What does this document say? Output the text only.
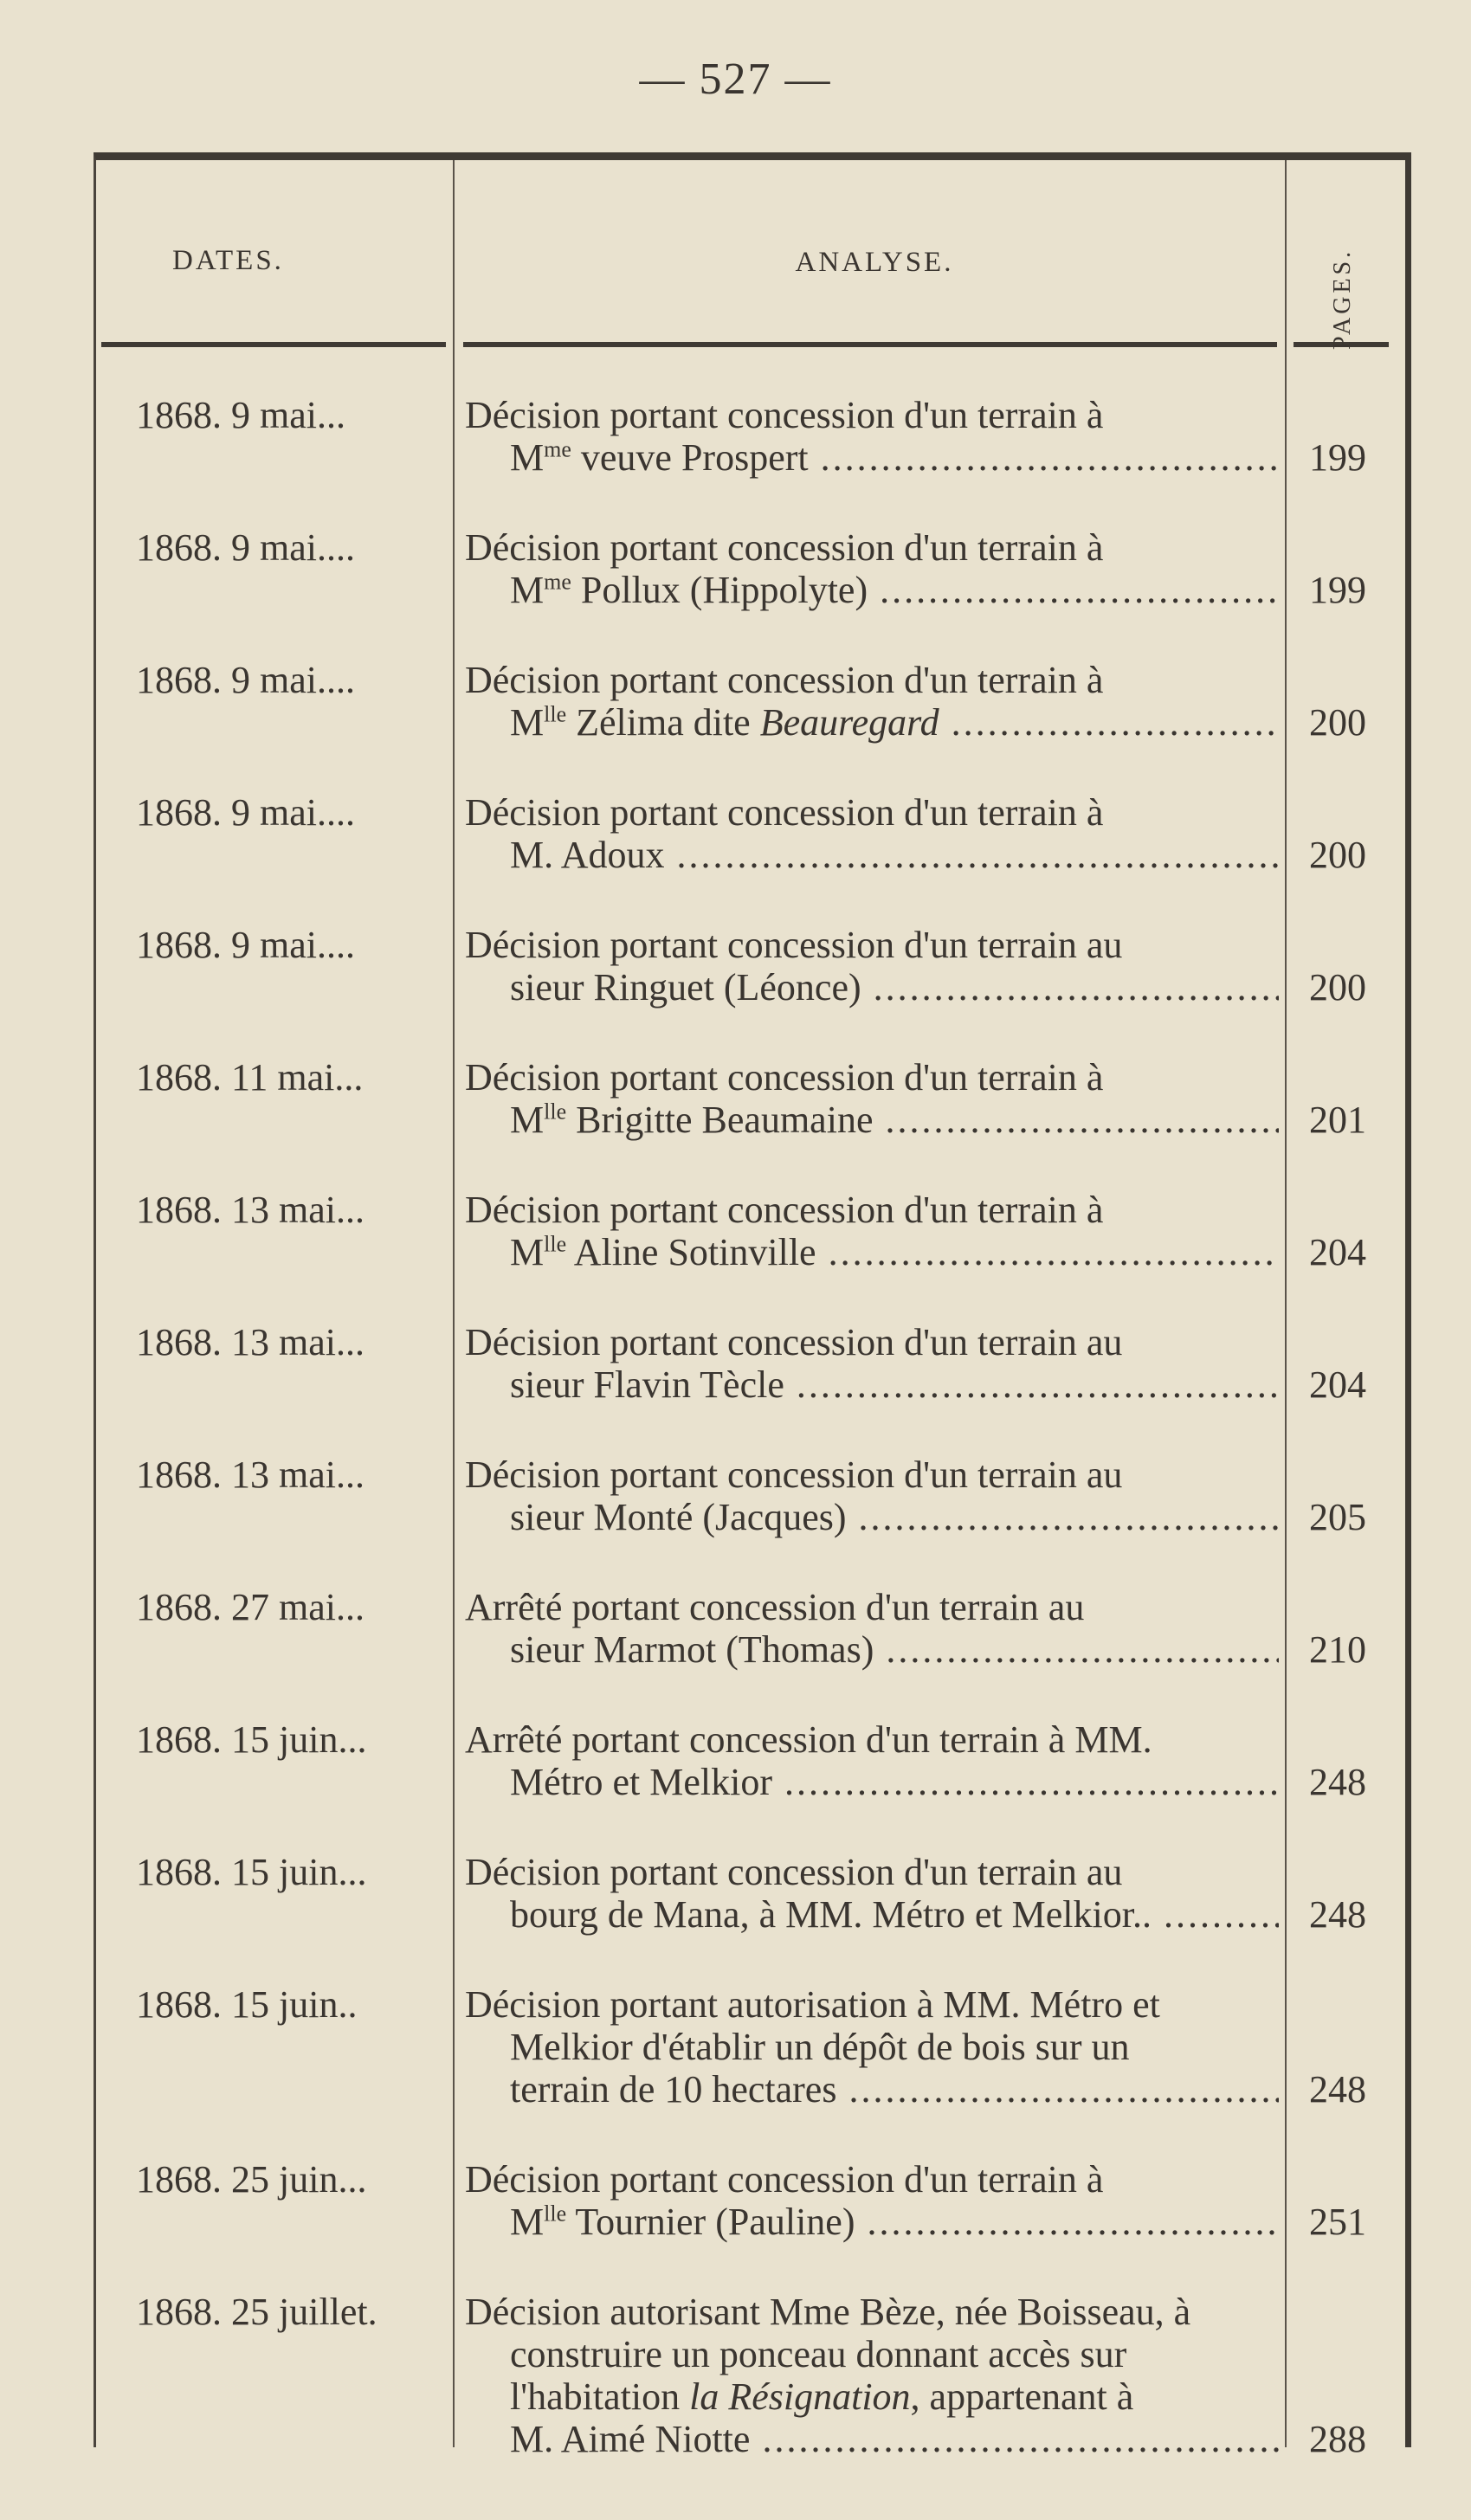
— 527 —
DATES.	ANALYSE.	PAGES.
1868. 9 mai...	Décision portant concession d'un terrain à
$M^{me}$ veuve Prospert .....	199
1868. 9 mai....	Décision portant concession d'un terrain à
$M^{me}$ Pollux (Hippolyte) .....	199
1868. 9 mai....	Décision portant concession d'un terrain à
$M^{lle}$ Zélima dite Beauregard .....	200
1868. 9 mai....	Décision portant concession d'un terrain à
M. Adoux .....	200
1868. 9 mai....	Décision portant concession d'un terrain au
sieur Ringuet (Léonce) .....	200
1868. 11 mai...	Décision portant concession d'un terrain à
$M^{lle}$ Brigitte Beaumaine .....	201
1868. 13 mai...	Décision portant concession d'un terrain à
$M^{lle}$ Aline Sotinville .....	204
1868. 13 mai...	Décision portant concession d'un terrain au
sieur Flavin Tècle .....	204
1868. 13 mai...	Décision portant concession d'un terrain au
sieur Monté (Jacques) .....	205
1868. 27 mai...	Arrêté portant concession d'un terrain au
sieur Marmot (Thomas) .....	210
1868. 15 juin...	Arrêté portant concession d'un terrain à MM.
Métro et Melkior .....	248
1868. 15 juin...	Décision portant concession d'un terrain au
bourg de Mana, à MM. Métro et Melkior.. .....	248
1868. 15 juin..	Décision portant autorisation à MM. Métro et
Melkior d'établir un dépôt de bois sur un
terrain de 10 hectares .....	248
1868. 25 juin...	Décision portant concession d'un terrain à
$M^{lle}$ Tournier (Pauline) .....	251
1868. 25 juillet. Décision autorisant Mme Bèze, née Boisseau, à
construire un ponceau donnant accès sur
l'habitation la Résignation, appartenant à
M. Aimé Niotte .....	288
